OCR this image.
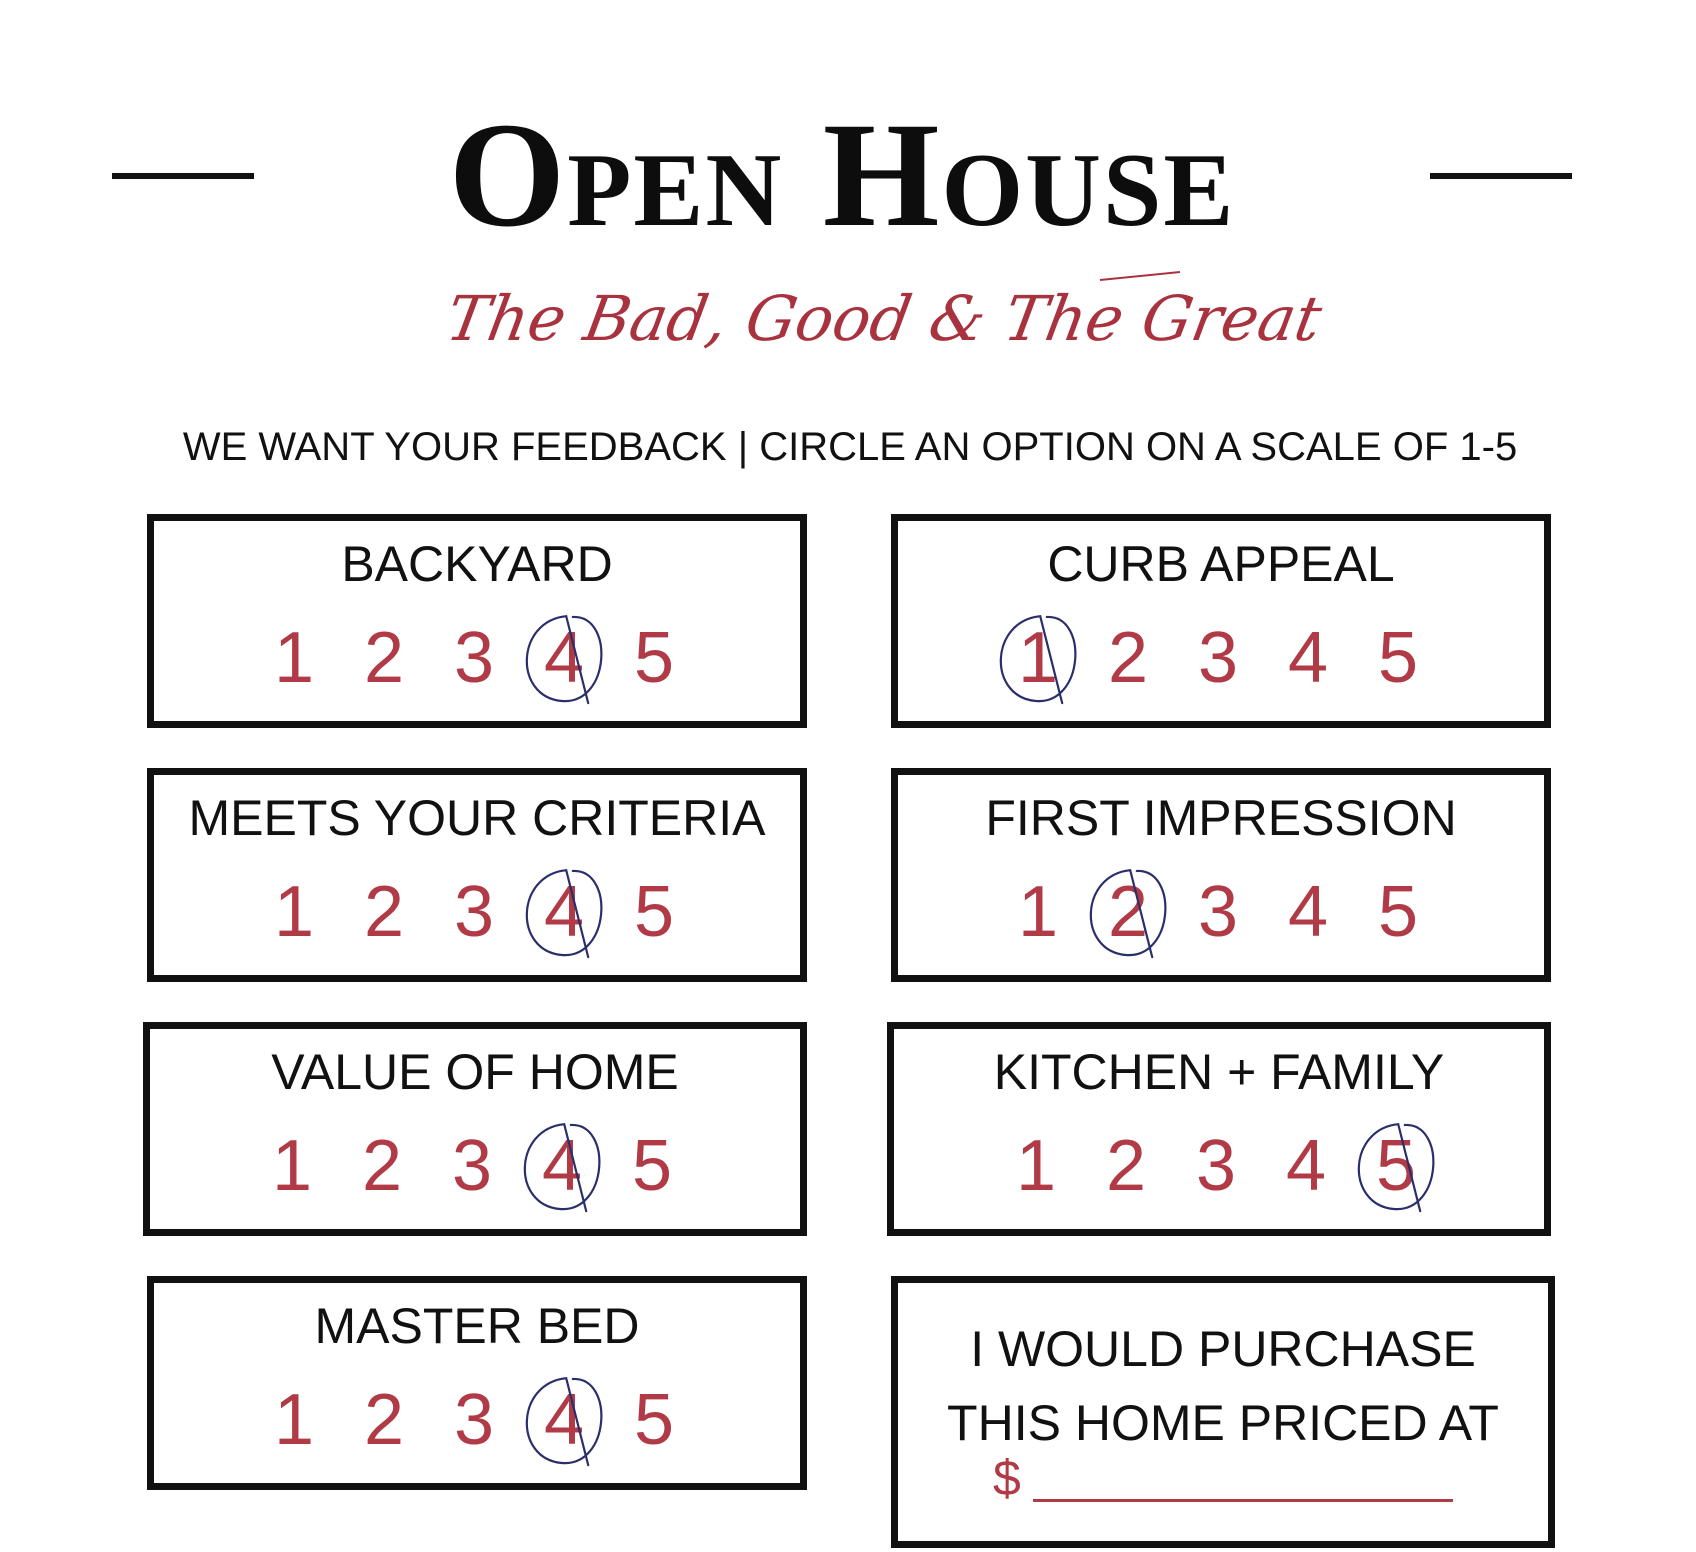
Open House
The Bad, Good & The Great
WE WANT YOUR FEEDBACK | CIRCLE AN OPTION ON A SCALE OF 1-5
BACKYARD
1 2 3 4 5
CURB APPEAL
1 2 3 4 5
MEETS YOUR CRITERIA
1 2 3 4 5
FIRST IMPRESSION
1 2 3 4 5
VALUE OF HOME
1 2 3 4 5
KITCHEN + FAMILY
1 2 3 4 5
MASTER BED
1 2 3 4 5
I WOULD PURCHASE
THIS HOME PRICED AT
$
